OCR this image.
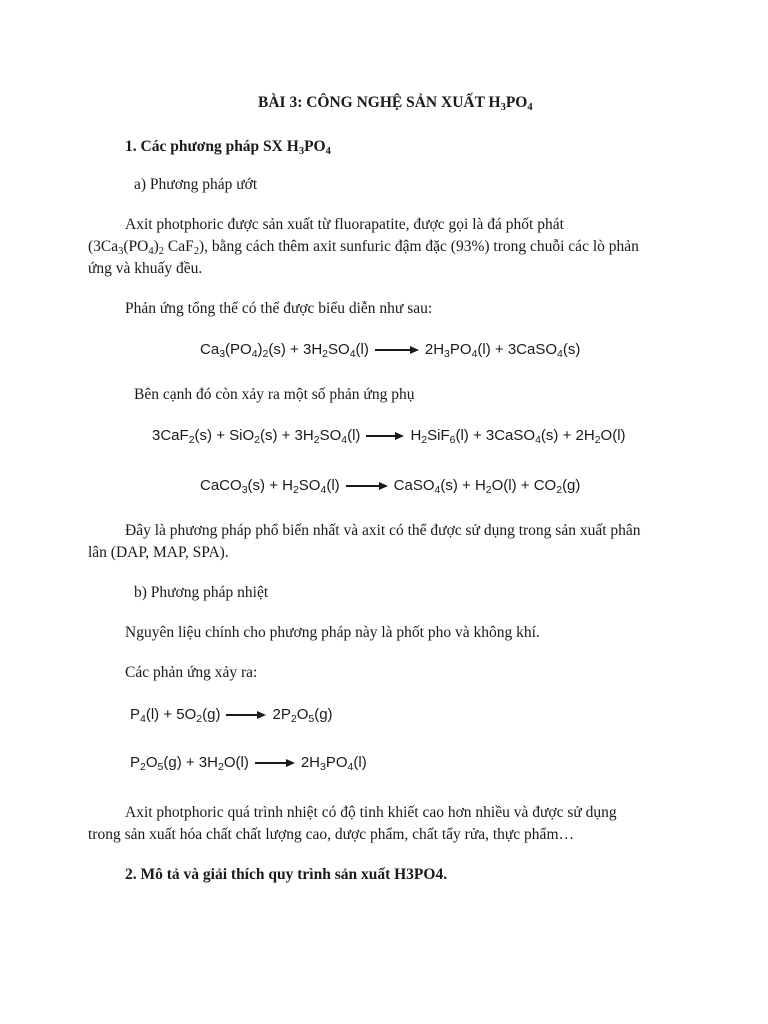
BÀI 3: CÔNG NGHỆ SẢN XUẤT $H_3PO_4$
1. Các phương pháp SX $H_3PO_4$
a) Phương pháp ướt
Axit photphoric được sản xuất từ fluorapatite, được gọi là đá phốt phát
($3Ca_3(PO_4)_2$ CaF$_2$), bằng cách thêm axit sunfuric đậm đặc (93%) trong chuỗi các lò phản
ứng và khuấy đều.
Phản ứng tổng thể có thể được biểu diễn như sau:
$Ca_3(PO_4)_2(s) + 3H_2SO_4(l)$	$2H_3PO_4(l)$ + 3CaSO$_4$(s)
Bên cạnh đó còn xảy ra một số phản ứng phụ
$3CaF_2(s) + SiO_2(s) + 3H_2SO_4(l)$	$H_2SiF_6(l)$ + 3CaSO$_4$(s) + $2H_2O(l)$
CaCO$_3$(s) + $H_2SO_4(l)$	CaSO$_4$(s) + $H_2O(l) + CO_2(g)$
Đây là phương pháp phổ biến nhất và axit có thể được sử dụng trong sản xuất phân
lân (DAP, MAP, SPA).
b) Phương pháp nhiệt
Nguyên liệu chính cho phương pháp này là phốt pho và không khí.
Các phản ứng xảy ra:
$P_4(l) + 5O_2(g)$	$2P_2O_5(g)$
$P_2O_5(g) + 3H_2O(l)$	$2H_3PO_4(l)$
Axit photphoric quá trình nhiệt có độ tinh khiết cao hơn nhiều và được sử dụng
trong sản xuất hóa chất chất lượng cao, dược phẩm, chất tẩy rửa, thực phẩm…
2. Mô tả và giải thích quy trình sản xuất H3PO4.
